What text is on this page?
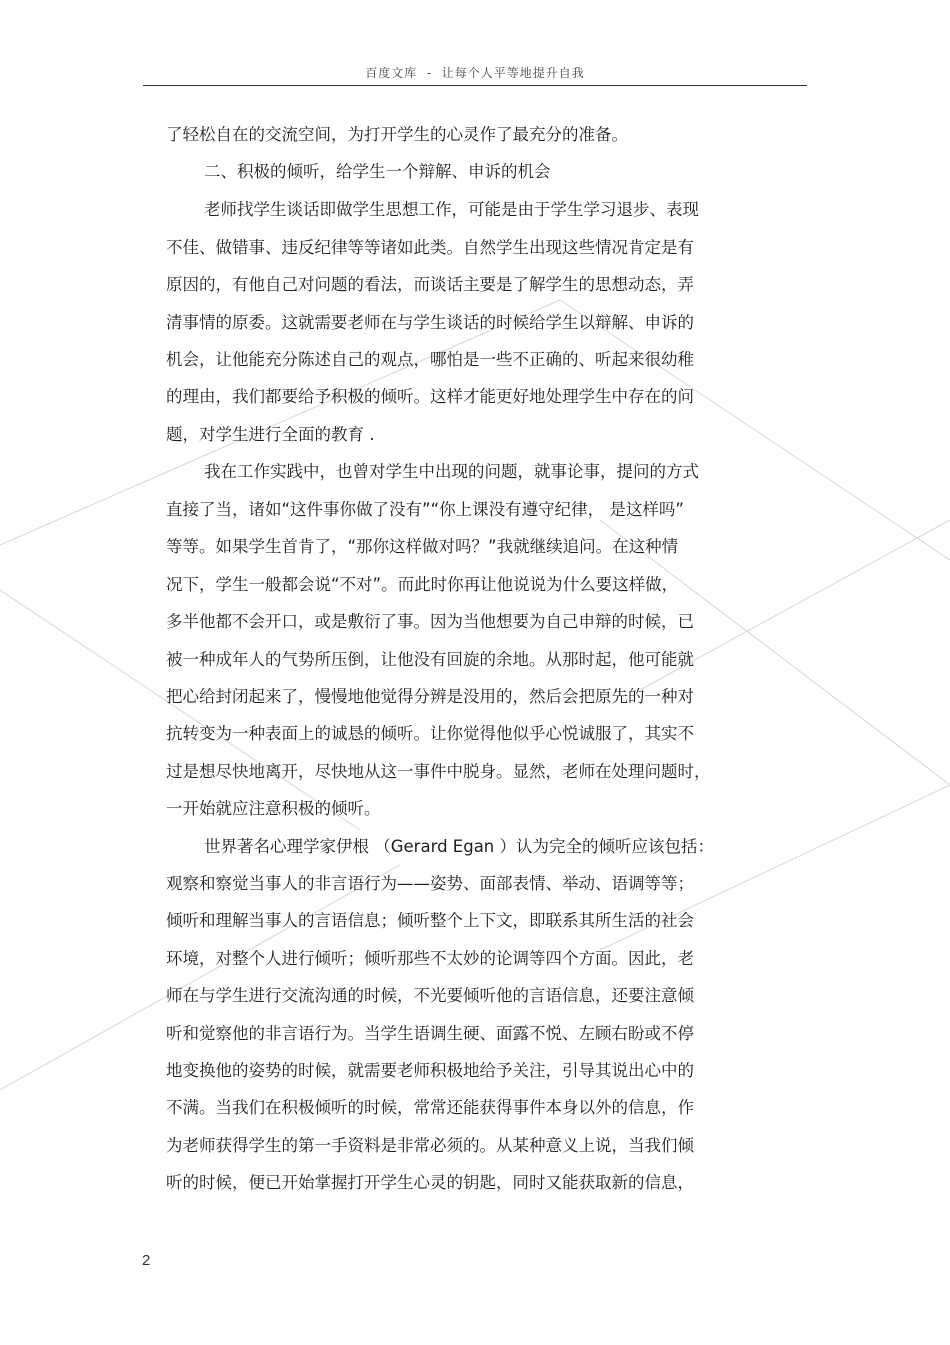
百度文库  -  让每个人平等地提升自我
了轻松自在的交流空间，为打开学生的心灵作了最充分的准备。
二、积极的倾听，给学生一个辩解、申诉的机会
老师找学生谈话即做学生思想工作，可能是由于学生学习退步、表现
不佳、做错事、违反纪律等等诸如此类。自然学生出现这些情况肯定是有
原因的，有他自己对问题的看法，而谈话主要是了解学生的思想动态，弄
清事情的原委。这就需要老师在与学生谈话的时候给学生以辩解、申诉的
机会，让他能充分陈述自己的观点，哪怕是一些不正确的、听起来很幼稚
的理由，我们都要给予积极的倾听。这样才能更好地处理学生中存在的问
题，对学生进行全面的教育 .
我在工作实践中，也曾对学生中出现的问题，就事论事，提问的方式
直接了当，诸如“这件事你做了没有”“你上课没有遵守纪律， 是这样吗”
等等。如果学生首肯了，“那你这样做对吗？”我就继续追问。在这种情
况下，学生一般都会说“不对”。而此时你再让他说说为什么要这样做，
多半他都不会开口，或是敷衍了事。因为当他想要为自己申辩的时候，已
被一种成年人的气势所压倒，让他没有回旋的余地。从那时起，他可能就
把心给封闭起来了，慢慢地他觉得分辨是没用的，然后会把原先的一种对
抗转变为一种表面上的诚恳的倾听。让你觉得他似乎心悦诚服了，其实不
过是想尽快地离开，尽快地从这一事件中脱身。显然，老师在处理问题时，
一开始就应注意积极的倾听。
世界著名心理学家伊根 （Gerard Egan ）认为完全的倾听应该包括：
观察和察觉当事人的非言语行为——姿势、面部表情、举动、语调等等；
倾听和理解当事人的言语信息；倾听整个上下文，即联系其所生活的社会
环境，对整个人进行倾听；倾听那些不太妙的论调等四个方面。因此，老
师在与学生进行交流沟通的时候，不光要倾听他的言语信息，还要注意倾
听和觉察他的非言语行为。当学生语调生硬、面露不悦、左顾右盼或不停
地变换他的姿势的时候，就需要老师积极地给予关注，引导其说出心中的
不满。当我们在积极倾听的时候，常常还能获得事件本身以外的信息，作
为老师获得学生的第一手资料是非常必须的。从某种意义上说，当我们倾
听的时候，便已开始掌握打开学生心灵的钥匙，同时又能获取新的信息，
2
